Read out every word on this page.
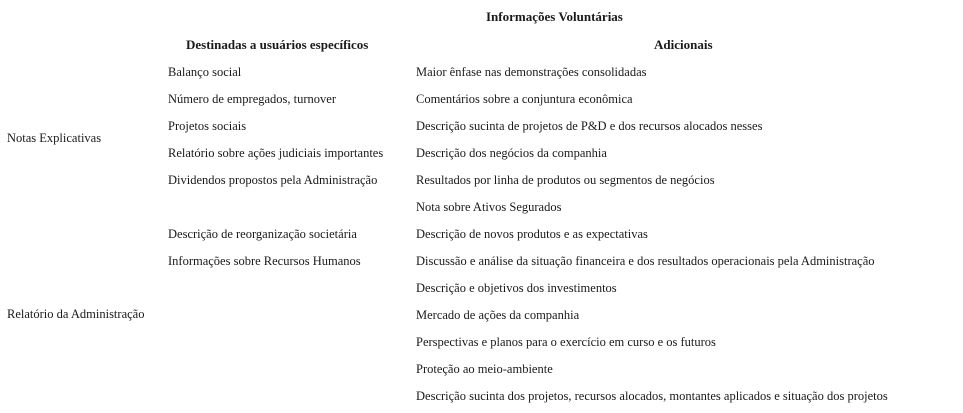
Informações Voluntárias
Destinadas a usuários específicos	Adicionais
Notas Explicativas
Relatório da Administração
Balanço social
Número de empregados, turnover
Projetos sociais
Relatório sobre ações judiciais importantes
Dividendos propostos pela Administração
Descrição de reorganização societária
Informações sobre Recursos Humanos
Maior ênfase nas demonstrações consolidadas
Comentários sobre a conjuntura econômica
Descrição sucinta de projetos de P&D e dos recursos alocados nesses
Descrição dos negócios da companhia
Resultados por linha de produtos ou segmentos de negócios
Nota sobre Ativos Segurados
Descrição de novos produtos e as expectativas
Discussão e análise da situação financeira e dos resultados operacionais pela Administração
Descrição e objetivos dos investimentos
Mercado de ações da companhia
Perspectivas e planos para o exercício em curso e os futuros
Proteção ao meio-ambiente
Descrição sucinta dos projetos, recursos alocados, montantes aplicados e situação dos projetos
